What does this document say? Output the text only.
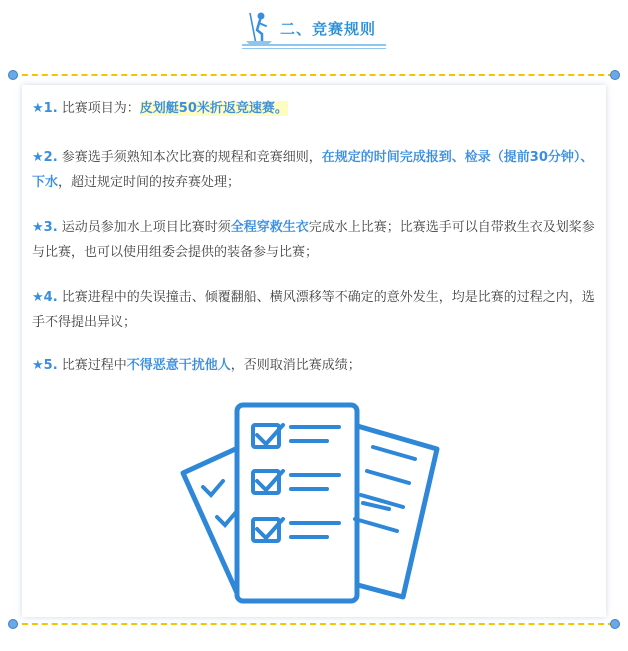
二、竞赛规则
★1. 比赛项目为：皮划艇50米折返竞速赛。
★2. 参赛选手须熟知本次比赛的规程和竞赛细则，在规定的时间完成报到、检录（提前30分钟）、下水，超过规定时间的按弃赛处理；
★3. 运动员参加水上项目比赛时须全程穿救生衣完成水上比赛；比赛选手可以自带救生衣及划桨参与比赛，也可以使用组委会提供的装备参与比赛；
★4. 比赛进程中的失误撞击、倾覆翻船、横风漂移等不确定的意外发生，均是比赛的过程之内，选手不得提出异议；
★5. 比赛过程中不得恶意干扰他人，否则取消比赛成绩；
